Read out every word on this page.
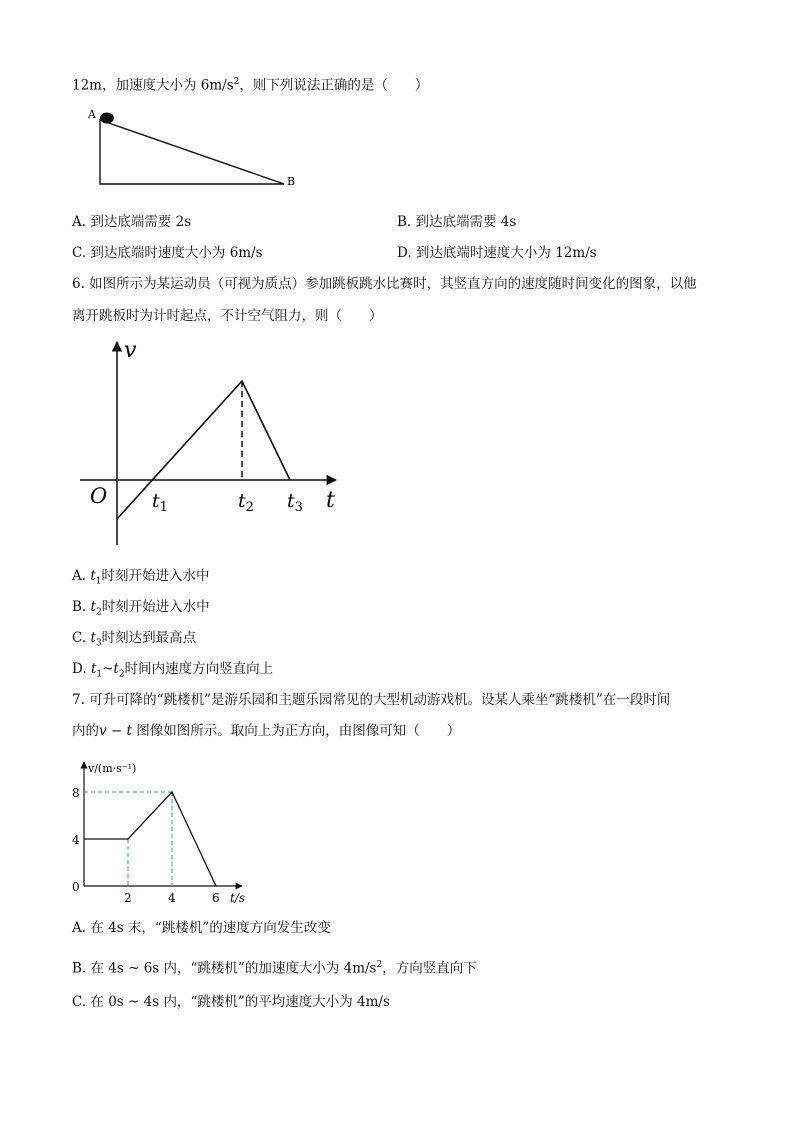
12m，加速度大小为 $6m/s^2$，则下列说法正确的是（　　）
A
B
A. 到达底端需要 2s	B. 到达底端需要 4s
C. 到达底端时速度大小为 6m/s	D. 到达底端时速度大小为 12m/s
6. 如图所示为某运动员（可视为质点）参加跳板跳水比赛时，其竖直方向的速度随时间变化的图象，以他
离开跳板时为计时起点，不计空气阻力，则（　　）
v
t
O $t_1$	$t_2$ $t_3$
A. $t_1$时刻开始进入水中
B. $t_2$时刻开始进入水中
C. $t_3$时刻达到最高点
D. $t_1\sim t_2$时间内速度方向竖直向上
7. 可升可降的“跳楼机”是游乐园和主题乐园常见的大型机动游戏机。设某人乘坐“跳楼机”在一段时间
内的v − t 图像如图所示。取向上为正方向，由图像可知（　　）
0
4
8
2	4	6
v/(m·s⁻¹)
t/s
A. 在 4s 末，“跳楼机”的速度方向发生改变
B. 在 4s ~ 6s 内，“跳楼机”的加速度大小为 $4m/s^2$，方向竖直向下
C. 在 0s ~ 4s 内，“跳楼机”的平均速度大小为 4m/s
